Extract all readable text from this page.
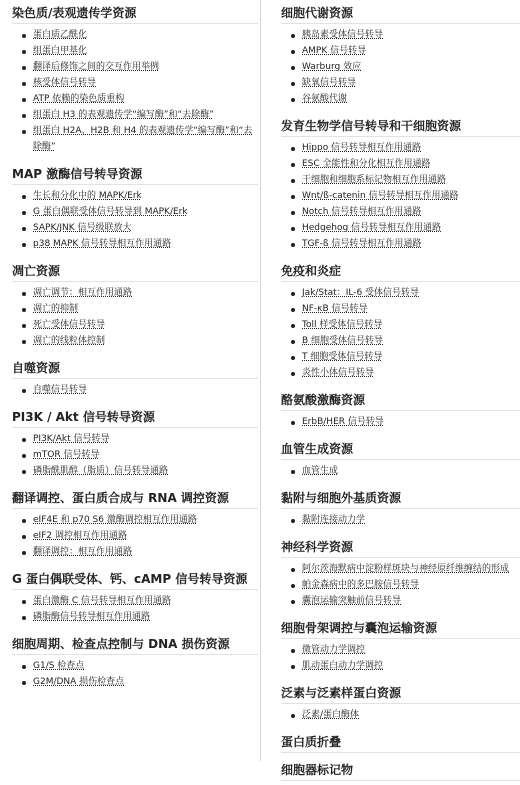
染色质/表观遗传学资源
蛋白质乙酰化
组蛋白甲基化
翻译后修饰之间的交互作用举例
核受体信号转导
ATP 依赖的染色质重构
组蛋白 H3 的表观遗传学“编写酶”和“去除酶”
组蛋白 H2A、H2B 和 H4 的表观遗传学“编写酶”和“去除酶”
MAP 激酶信号转导资源
生长和分化中的 MAPK/Erk
G 蛋白偶联受体信号转导到 MAPK/Erk
SAPK/JNK 信号级联放大
p38 MAPK 信号转导相互作用通路
凋亡资源
凋亡调节：相互作用通路
凋亡的抑制
死亡受体信号转导
凋亡的线粒体控制
自噬资源
自噬信号转导
PI3K / Akt 信号转导资源
PI3K/Akt 信号转导
mTOR 信号转导
磷脂酰肌醇（脂质）信号转导通路
翻译调控、蛋白质合成与 RNA 调控资源
eIF4E 和 p70 S6 激酶调控相互作用通路
eIF2 调控相互作用通路
翻译调控：相互作用通路
G 蛋白偶联受体、钙、cAMP 信号转导资源
蛋白激酶 C 信号转导相互作用通路
磷脂酶信号转导相互作用通路
细胞周期、检查点控制与 DNA 损伤资源
G1/S 检查点
G2M/DNA 损伤检查点
细胞代谢资源
胰岛素受体信号转导
AMPK 信号转导
Warburg 效应
缺氧信号转导
谷氨酸代谢
发育生物学信号转导和干细胞资源
Hippo 信号转导相互作用通路
ESC 全能性和分化相互作用通路
干细胞和细胞系标记物相互作用通路
Wnt/ß-catenin 信号转导相互作用通路
Notch 信号转导相互作用通路
Hedgehog 信号转导相互作用通路
TGF-ß 信号转导相互作用通路
免疫和炎症
Jak/Stat：IL-6 受体信号转导
NF-κB 信号转导
Toll 样受体信号转导
B 细胞受体信号转导
T 细胞受体信号转导
炎性小体信号转导
酪氨酸激酶资源
ErbB/HER 信号转导
血管生成资源
血管生成
黏附与细胞外基质资源
黏附连接动力学
神经科学资源
阿尔茨海默病中淀粉样斑块与神经原纤维缠结的形成
帕金森病中的多巴胺信号转导
囊泡运输突触前信号转导
细胞骨架调控与囊泡运输资源
微管动力学调控
肌动蛋白动力学调控
泛素与泛素样蛋白资源
泛素/蛋白酶体
蛋白质折叠
细胞器标记物
